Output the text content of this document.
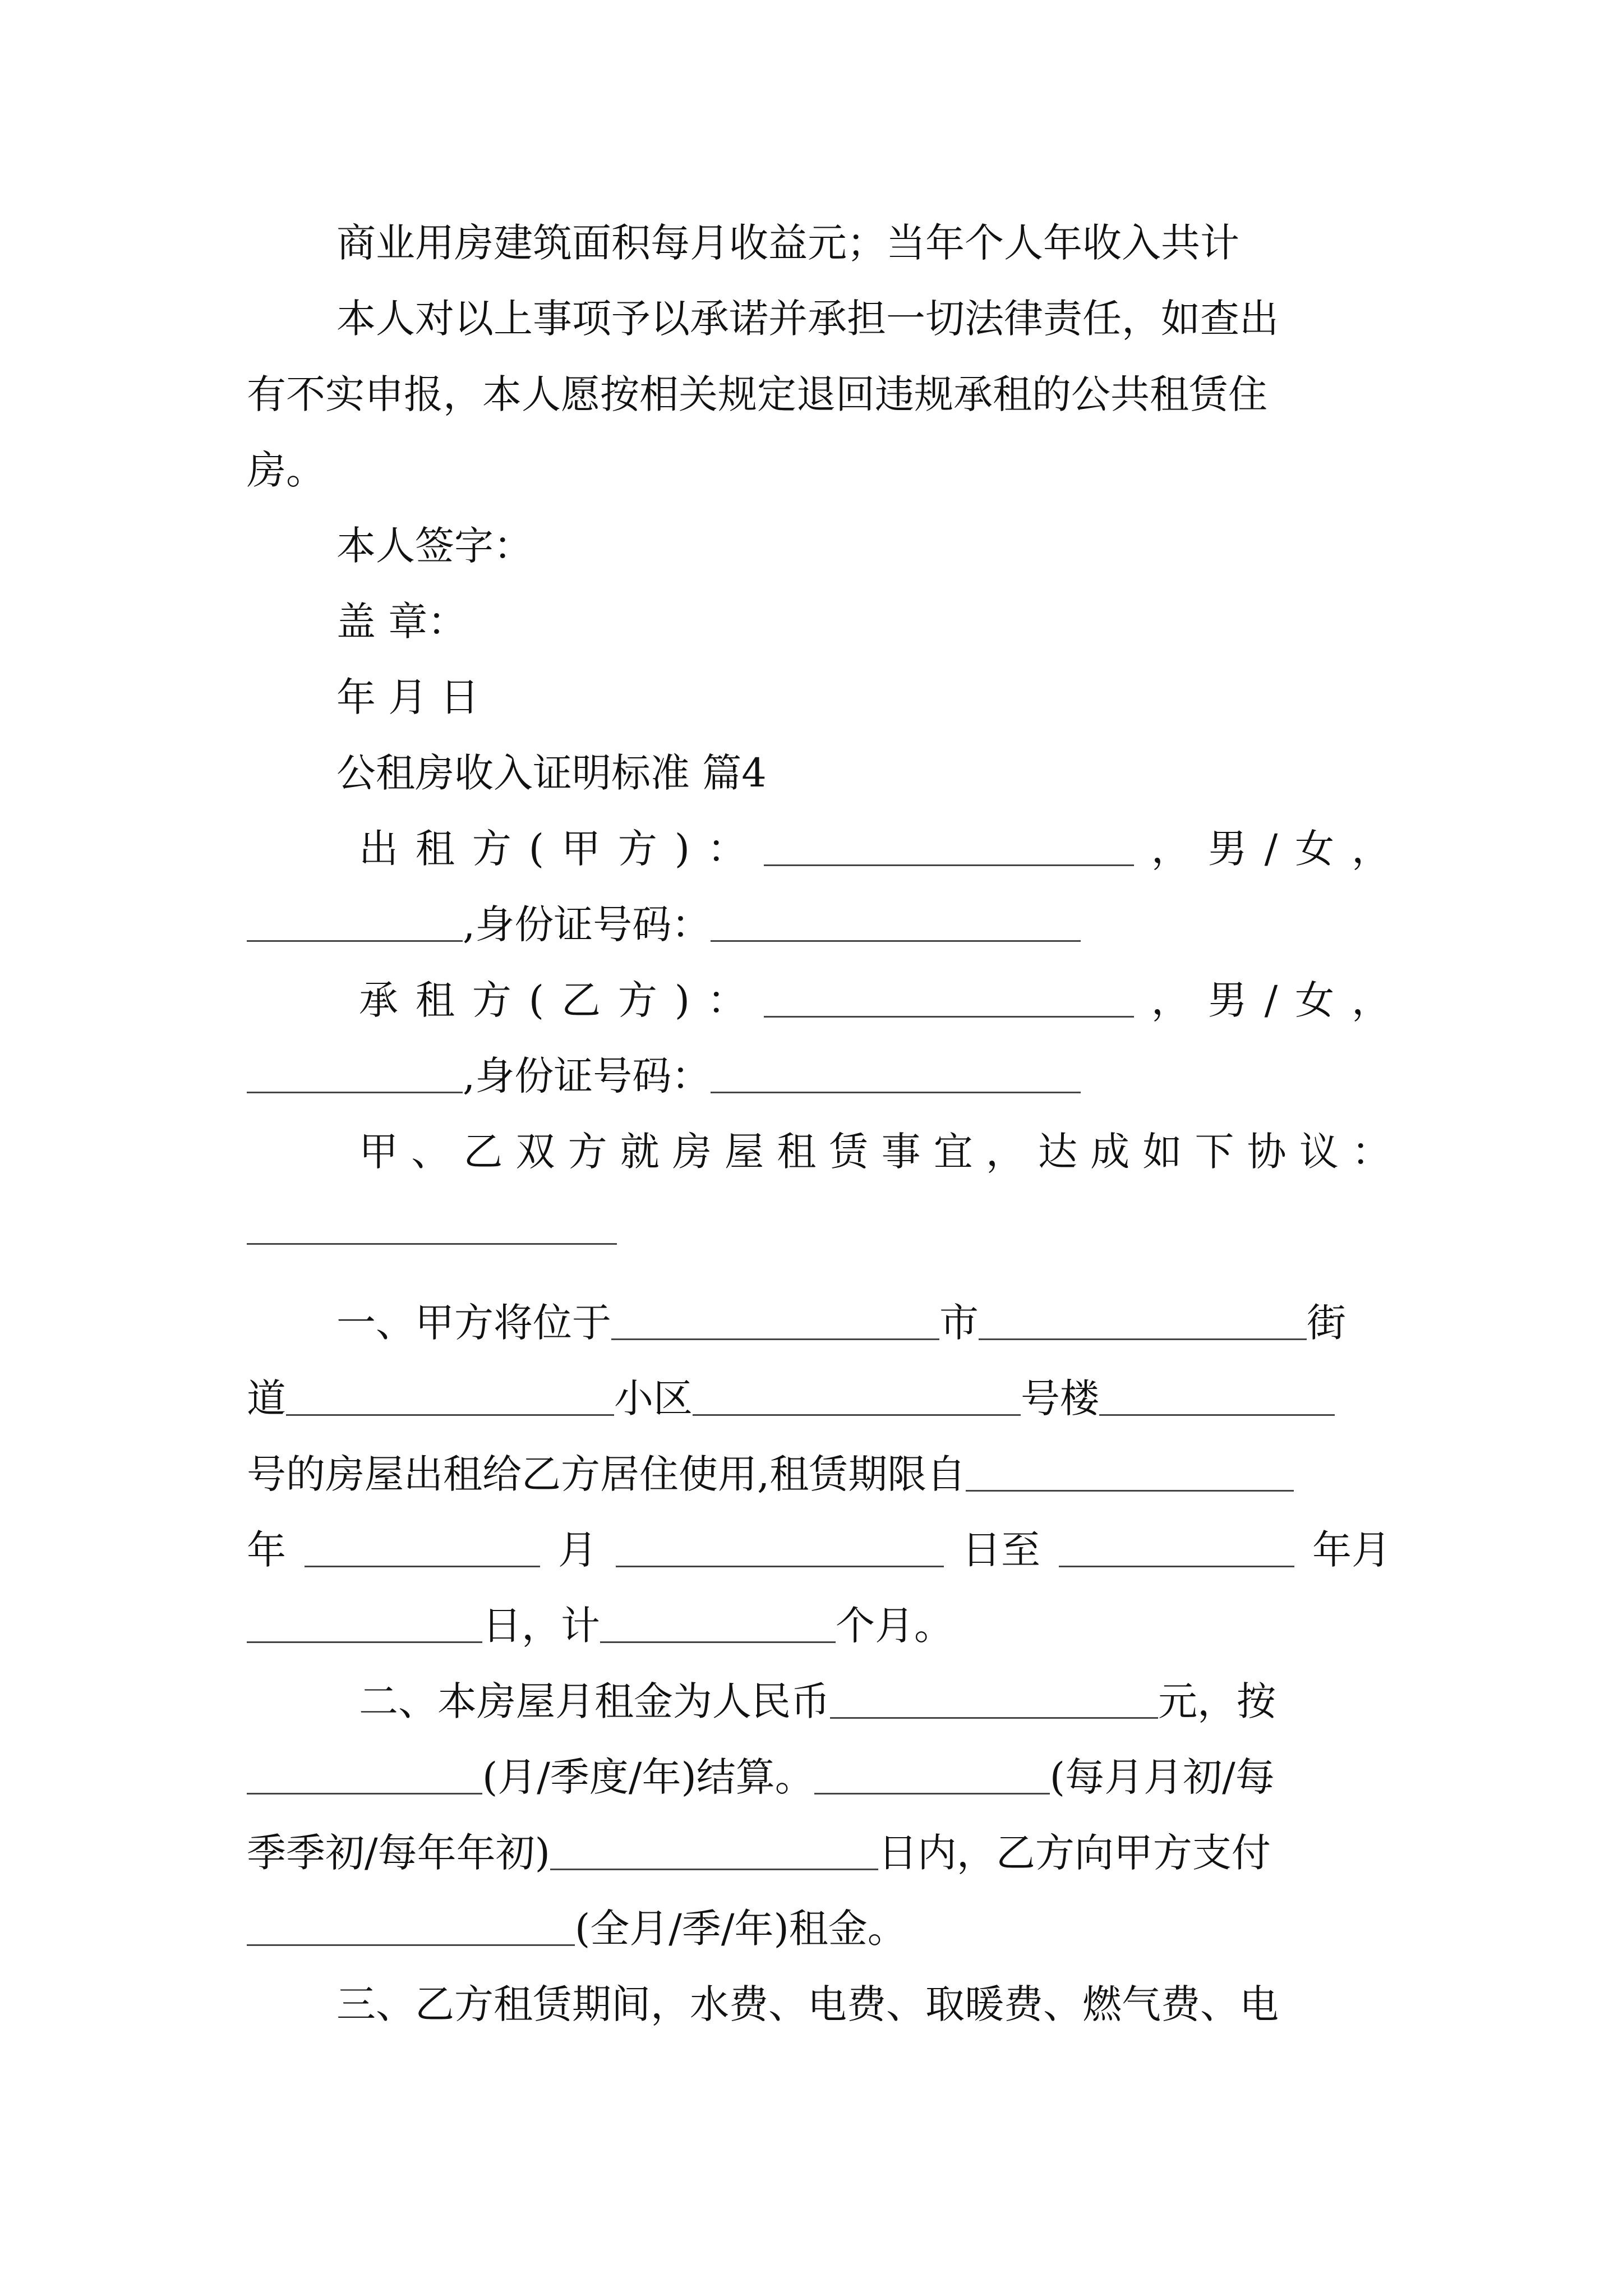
商业用房建筑面积每月收益元；当年个人年收入共计
本人对以上事项予以承诺并承担一切法律责任，如查出
有不实申报，本人愿按相关规定退回违规承租的公共租赁住
房。
本人签字：
盖 章：
年 月 日
公租房收入证明标准 篇4
出 租 方 ( 甲 方 ) ：	， 男 / 女 ，
,身份证号码：
承 租 方 ( 乙 方 ) ：	， 男 / 女 ，
,身份证号码：
甲 、 乙 双 方 就 房 屋 租 赁 事 宜 ， 达 成 如 下 协 议 ：
一、甲方将位于	市	街
道	小区	号楼
号的房屋出租给乙方居住使用,租赁期限自
年	月	日至	年月
日，计	个月。
二、本房屋月租金为人民币	元，按
(月/季度/年)结算。	(每月月初/每
季季初/每年年初)	日内，乙方向甲方支付
(全月/季/年)租金。
三、乙方租赁期间，水费、电费、取暖费、燃气费、电
